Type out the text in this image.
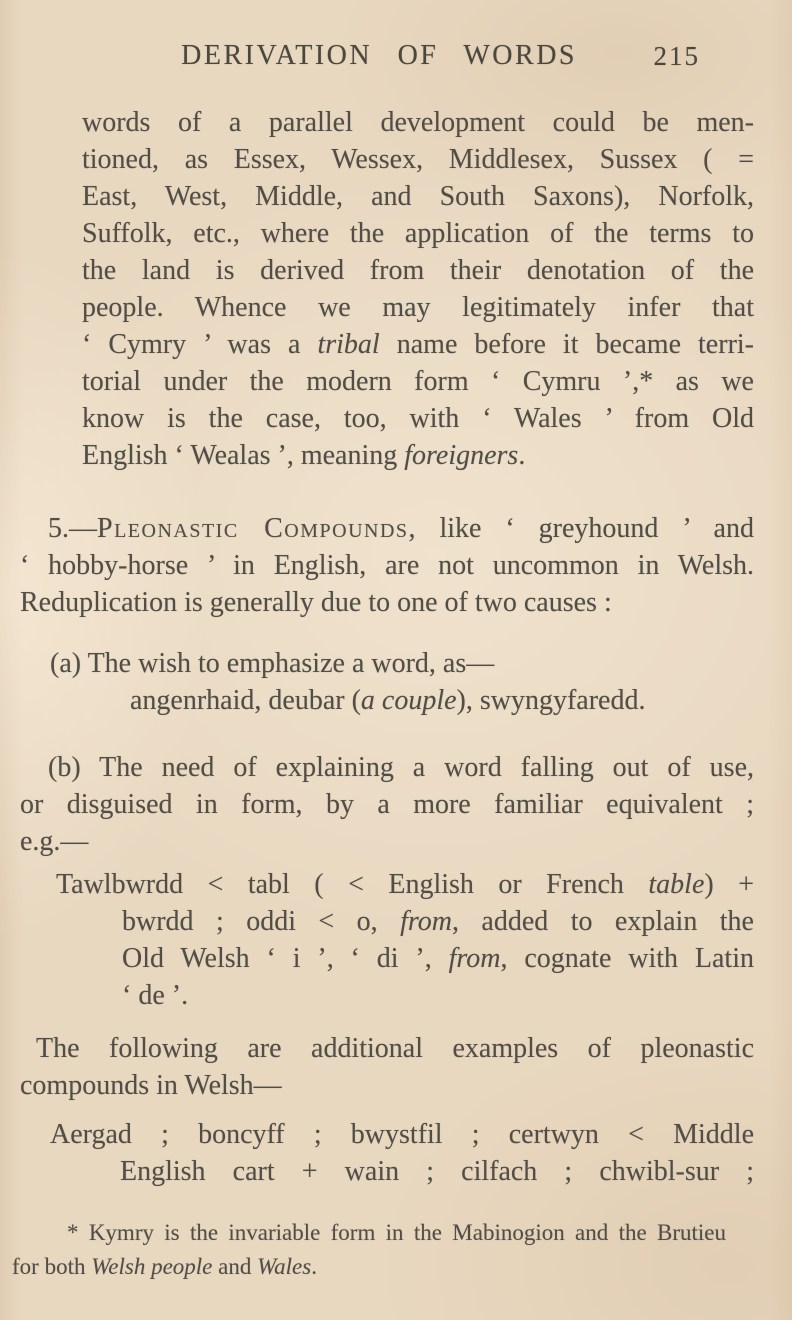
DERIVATION OF WORDS	215
words of a parallel development could be men-
tioned, as Essex, Wessex, Middlesex, Sussex ( =
East, West, Middle, and South Saxons), Norfolk,
Suffolk, etc., where the application of the terms to
the land is derived from their denotation of the
people. Whence we may legitimately infer that
‘ Cymry ’ was a tribal name before it became terri-
torial under the modern form ‘ Cymru ’,* as we
know is the case, too, with ‘ Wales ’ from Old
English ‘ Wealas ’, meaning foreigners.
5.—Pleonastic Compounds, like ‘ greyhound ’ and
‘ hobby-horse ’ in English, are not uncommon in Welsh.
Reduplication is generally due to one of two causes :
(a) The wish to emphasize a word, as—
angenrhaid, deubar (a couple), swyngyfaredd.
(b) The need of explaining a word falling out of use,
or disguised in form, by a more familiar equivalent ;
e.g.—
Tawlbwrdd < tabl ( < English or French table) +
bwrdd ; oddi < o, from, added to explain the
Old Welsh ‘ i ’, ‘ di ’, from, cognate with Latin
‘ de ’.
The following are additional examples of pleonastic
compounds in Welsh—
Aergad ; boncyff ; bwystfil ; certwyn < Middle
English cart + wain ; cilfach ; chwibl-sur ;
* Kymry is the invariable form in the Mabinogion and the Brutieu
for both Welsh people and Wales.
